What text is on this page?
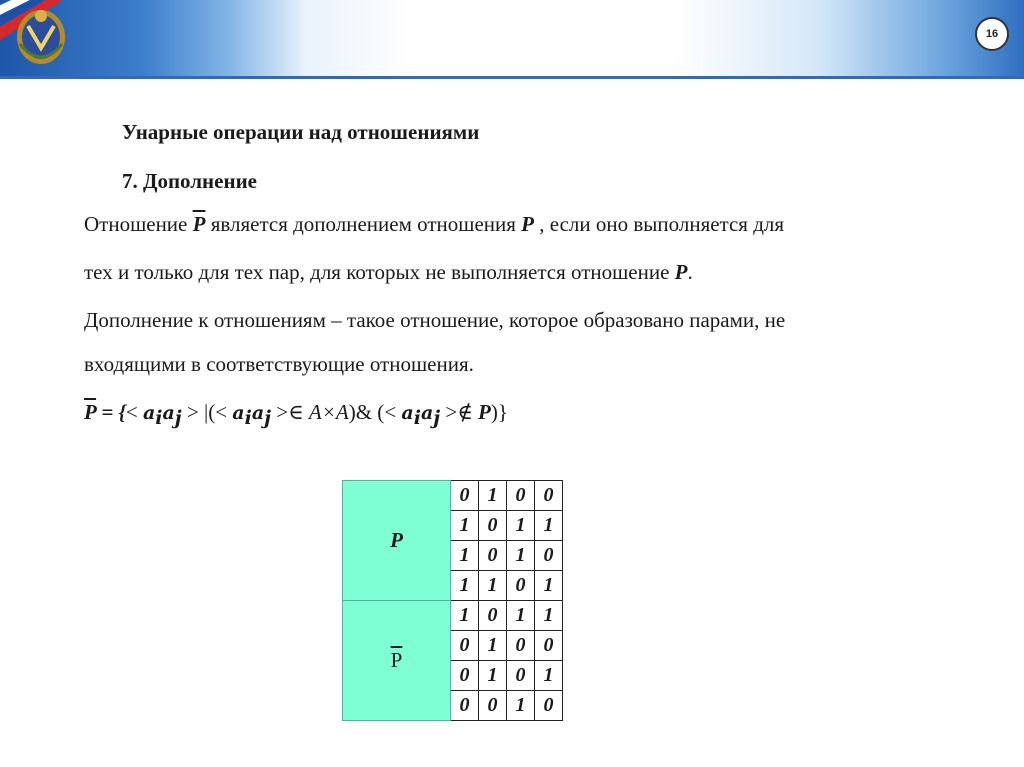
16
Унарные операции над отношениями
7. Дополнение
Отношение $\overline{P}$ является дополнением отношения P , если оно выполняется для
тех и только для тех пар, для которых не выполняется отношение P.
Дополнение к отношениям – такое отношение, которое образовано парами, не
входящими в соответствующие отношения.
$\overline{P}$ = {< $a_ia_j$ > |(< $a_ia_j$ >∈ A×A)& (< $a_ia_j$ >∉ P)}
P	0	1	0	0
	1	0	1	1
	1	0	1	0
	1	1	0	1
$\overline{P}$	1	0	1	1
	0	1	0	0
	0	1	0	1
	0	0	1	0
